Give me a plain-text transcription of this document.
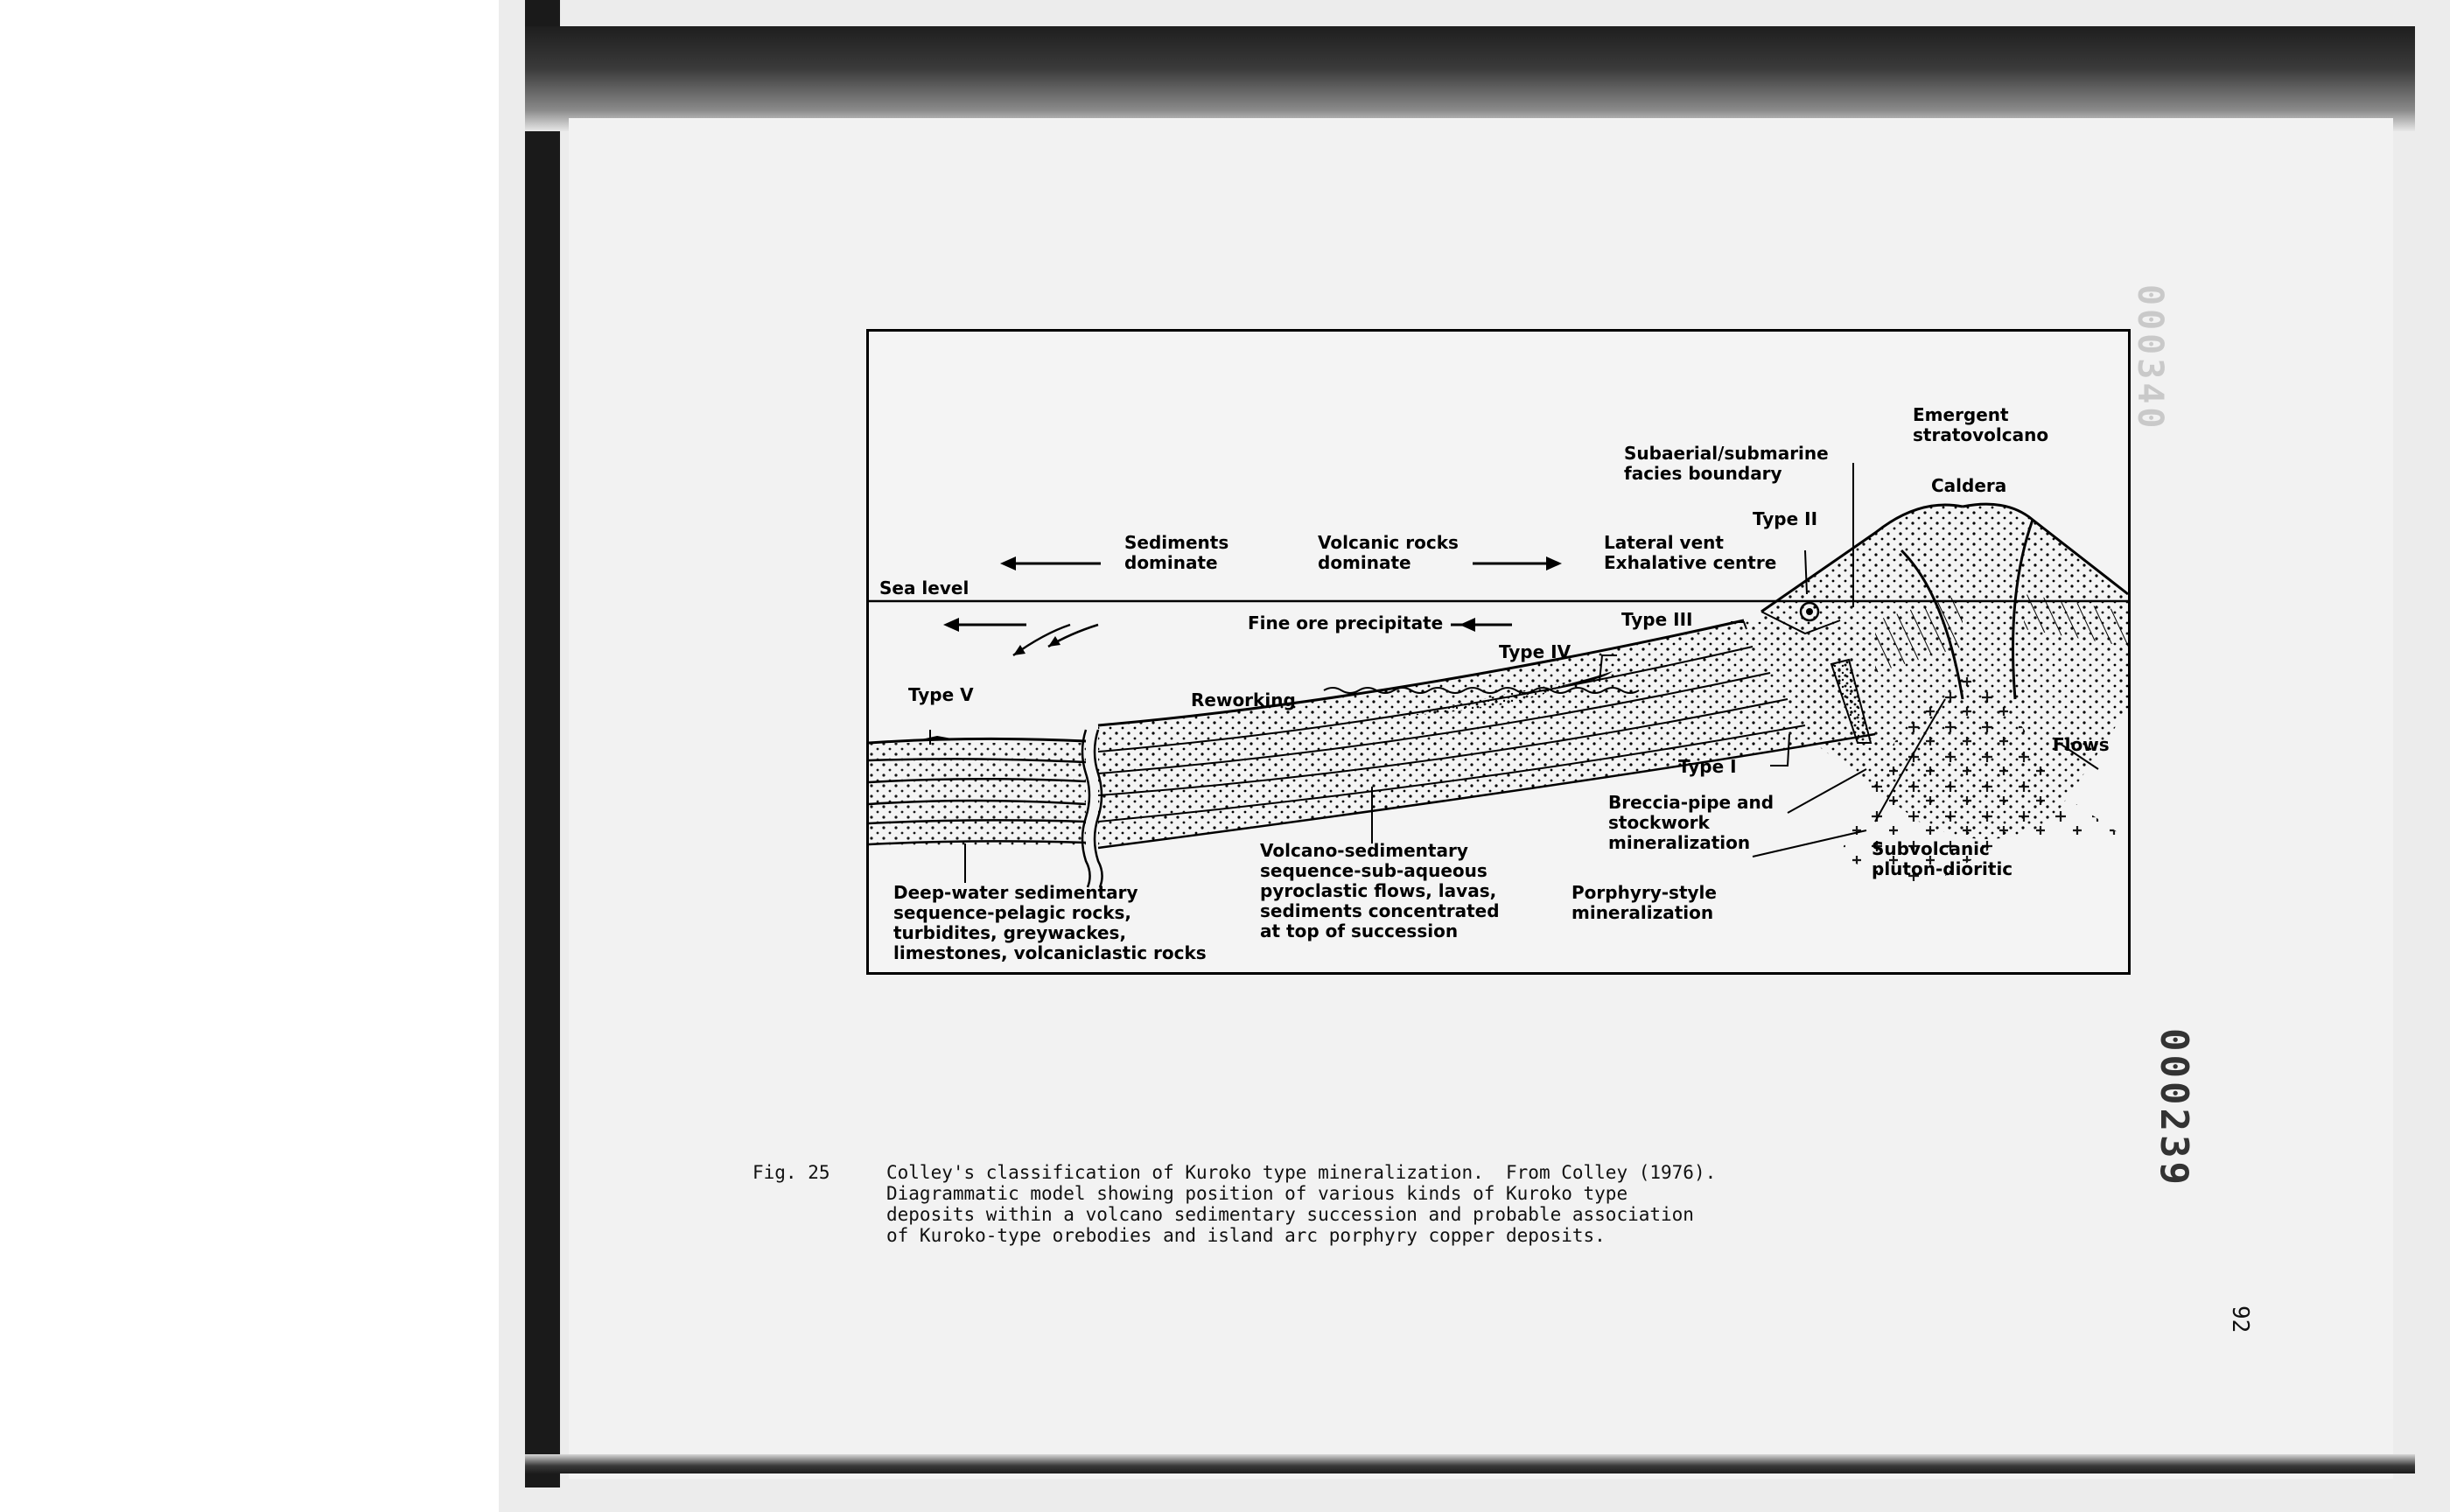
Sea level
Sediments
dominate
Volcanic rocks
dominate
Lateral vent
Exhalative centre
Subaerial/submarine
facies boundary
Emergent
stratovolcano
Caldera
Type II
Type III
Type IV
Type V
Type I
Fine ore precipitate
Reworking
Flows
Breccia-pipe and
stockwork
mineralization	Subvolcanic
pluton-dioritic
Porphyry-style
mineralization
Volcano-sedimentary
sequence-sub-aqueous
pyroclastic flows, lavas,
sediments concentrated
at top of succession
Deep-water sedimentary
sequence-pelagic rocks,
turbidites, greywackes,
limestones, volcaniclastic rocks
Fig. 25	Colley's classification of Kuroko type mineralization.  From Colley (1976).
Diagrammatic model showing position of various kinds of Kuroko type
deposits within a volcano sedimentary succession and probable association
of Kuroko-type orebodies and island arc porphyry copper deposits.
000340
000239
92
